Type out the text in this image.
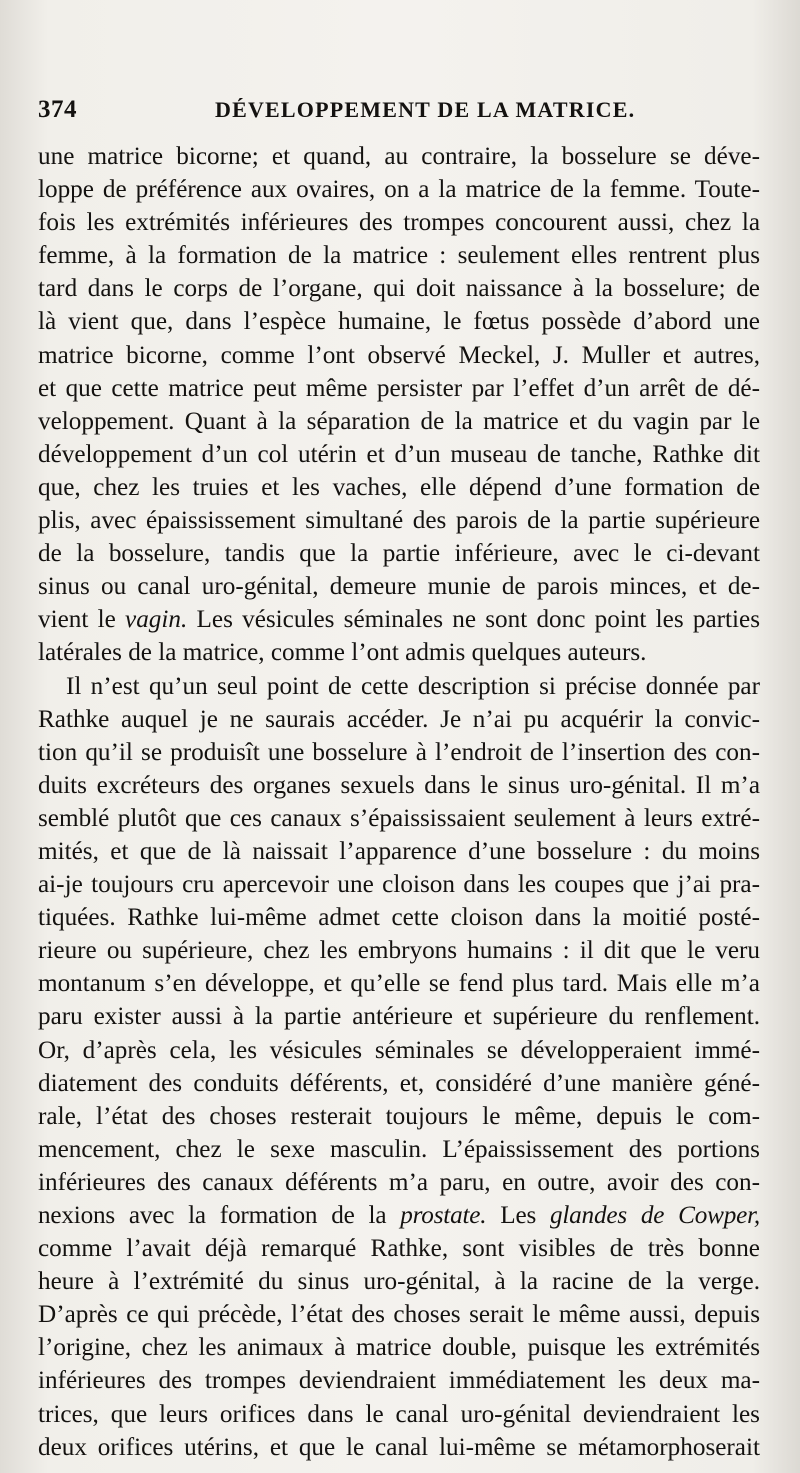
374	DÉVELOPPEMENT DE LA MATRICE.
une matrice bicorne; et quand, au contraire, la bosselure se déve-
loppe de préférence aux ovaires, on a la matrice de la femme. Toute-
fois les extrémités inférieures des trompes concourent aussi, chez la
femme, à la formation de la matrice : seulement elles rentrent plus
tard dans le corps de l’organe, qui doit naissance à la bosselure; de
là vient que, dans l’espèce humaine, le fœtus possède d’abord une
matrice bicorne, comme l’ont observé Meckel, J. Muller et autres,
et que cette matrice peut même persister par l’effet d’un arrêt de dé-
veloppement. Quant à la séparation de la matrice et du vagin par le
développement d’un col utérin et d’un museau de tanche, Rathke dit
que, chez les truies et les vaches, elle dépend d’une formation de
plis, avec épaississement simultané des parois de la partie supérieure
de la bosselure, tandis que la partie inférieure, avec le ci-devant
sinus ou canal uro-génital, demeure munie de parois minces, et de-
vient le vagin. Les vésicules séminales ne sont donc point les parties
latérales de la matrice, comme l’ont admis quelques auteurs.
Il n’est qu’un seul point de cette description si précise donnée par
Rathke auquel je ne saurais accéder. Je n’ai pu acquérir la convic-
tion qu’il se produisît une bosselure à l’endroit de l’insertion des con-
duits excréteurs des organes sexuels dans le sinus uro-génital. Il m’a
semblé plutôt que ces canaux s’épaississaient seulement à leurs extré-
mités, et que de là naissait l’apparence d’une bosselure : du moins
ai-je toujours cru apercevoir une cloison dans les coupes que j’ai pra-
tiquées. Rathke lui-même admet cette cloison dans la moitié posté-
rieure ou supérieure, chez les embryons humains : il dit que le veru
montanum s’en développe, et qu’elle se fend plus tard. Mais elle m’a
paru exister aussi à la partie antérieure et supérieure du renflement.
Or, d’après cela, les vésicules séminales se développeraient immé-
diatement des conduits déférents, et, considéré d’une manière géné-
rale, l’état des choses resterait toujours le même, depuis le com-
mencement, chez le sexe masculin. L’épaississement des portions
inférieures des canaux déférents m’a paru, en outre, avoir des con-
nexions avec la formation de la prostate. Les glandes de Cowper,
comme l’avait déjà remarqué Rathke, sont visibles de très bonne
heure à l’extrémité du sinus uro-génital, à la racine de la verge.
D’après ce qui précède, l’état des choses serait le même aussi, depuis
l’origine, chez les animaux à matrice double, puisque les extrémités
inférieures des trompes deviendraient immédiatement les deux ma-
trices, que leurs orifices dans le canal uro-génital deviendraient les
deux orifices utérins, et que le canal lui-même se métamorphoserait
